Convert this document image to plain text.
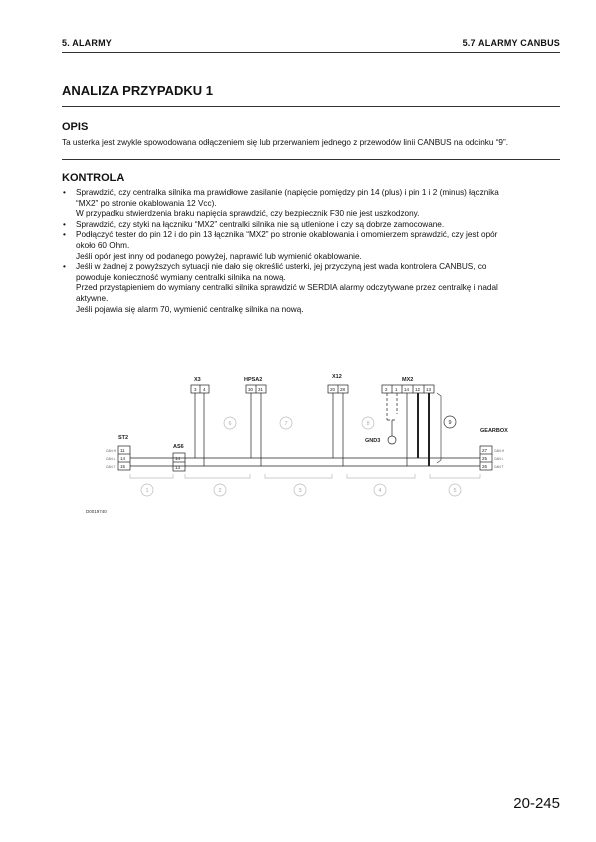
5. ALARMY	5.7 ALARMY CANBUS
ANALIZA PRZYPADKU 1
OPIS
Ta usterka jest zwykle spowodowana odłączeniem się lub przerwaniem jednego z przewodów linii CANBUS na odcinku “9”.
KONTROLA
• Sprawdzić, czy centralka silnika ma prawidłowe zasilanie (napięcie pomiędzy pin 14 (plus) i pin 1 i 2 (minus) łącznika
“MX2” po stronie okablowania 12 Vcc).
W przypadku stwierdzenia braku napięcia sprawdzić, czy bezpiecznik F30 nie jest uszkodzony.
• Sprawdzić, czy styki na łączniku “MX2” centralki silnika nie są utlenione i czy są dobrze zamocowane.
• Podłączyć tester do pin 12 i do pin 13 łącznika “MX2” po stronie okablowania i omomierzem sprawdzić, czy jest opór
około 60 Ohm.
Jeśli opór jest inny od podanego powyżej, naprawić lub wymienić okablowanie.
• Jeśli w żadnej z powyższych sytuacji nie dało się określić usterki, jej przyczyną jest wada kontrolera CANBUS, co
powoduje konieczność wymiany centralki silnika na nową.
Przed przystąpieniem do wymiany centralki silnika sprawdzić w SERDIA alarmy odczytywane przez centralkę i nadal
aktywne.
Jeśli pojawia się alarm 70, wymienić centralkę silnika na nową.
X3	HPSA2	X12	MX2
ST2
AS6
GEARBOX
GND3
3 4	30 31	20 28	2 1 14 12 13
11
14
15
14
13
27
25
26
CAN H
CAN L
CAN T
CAN H
CAN L
CAN T
6	7	8	9
1	2	3	4	5
D0019740
20-245
